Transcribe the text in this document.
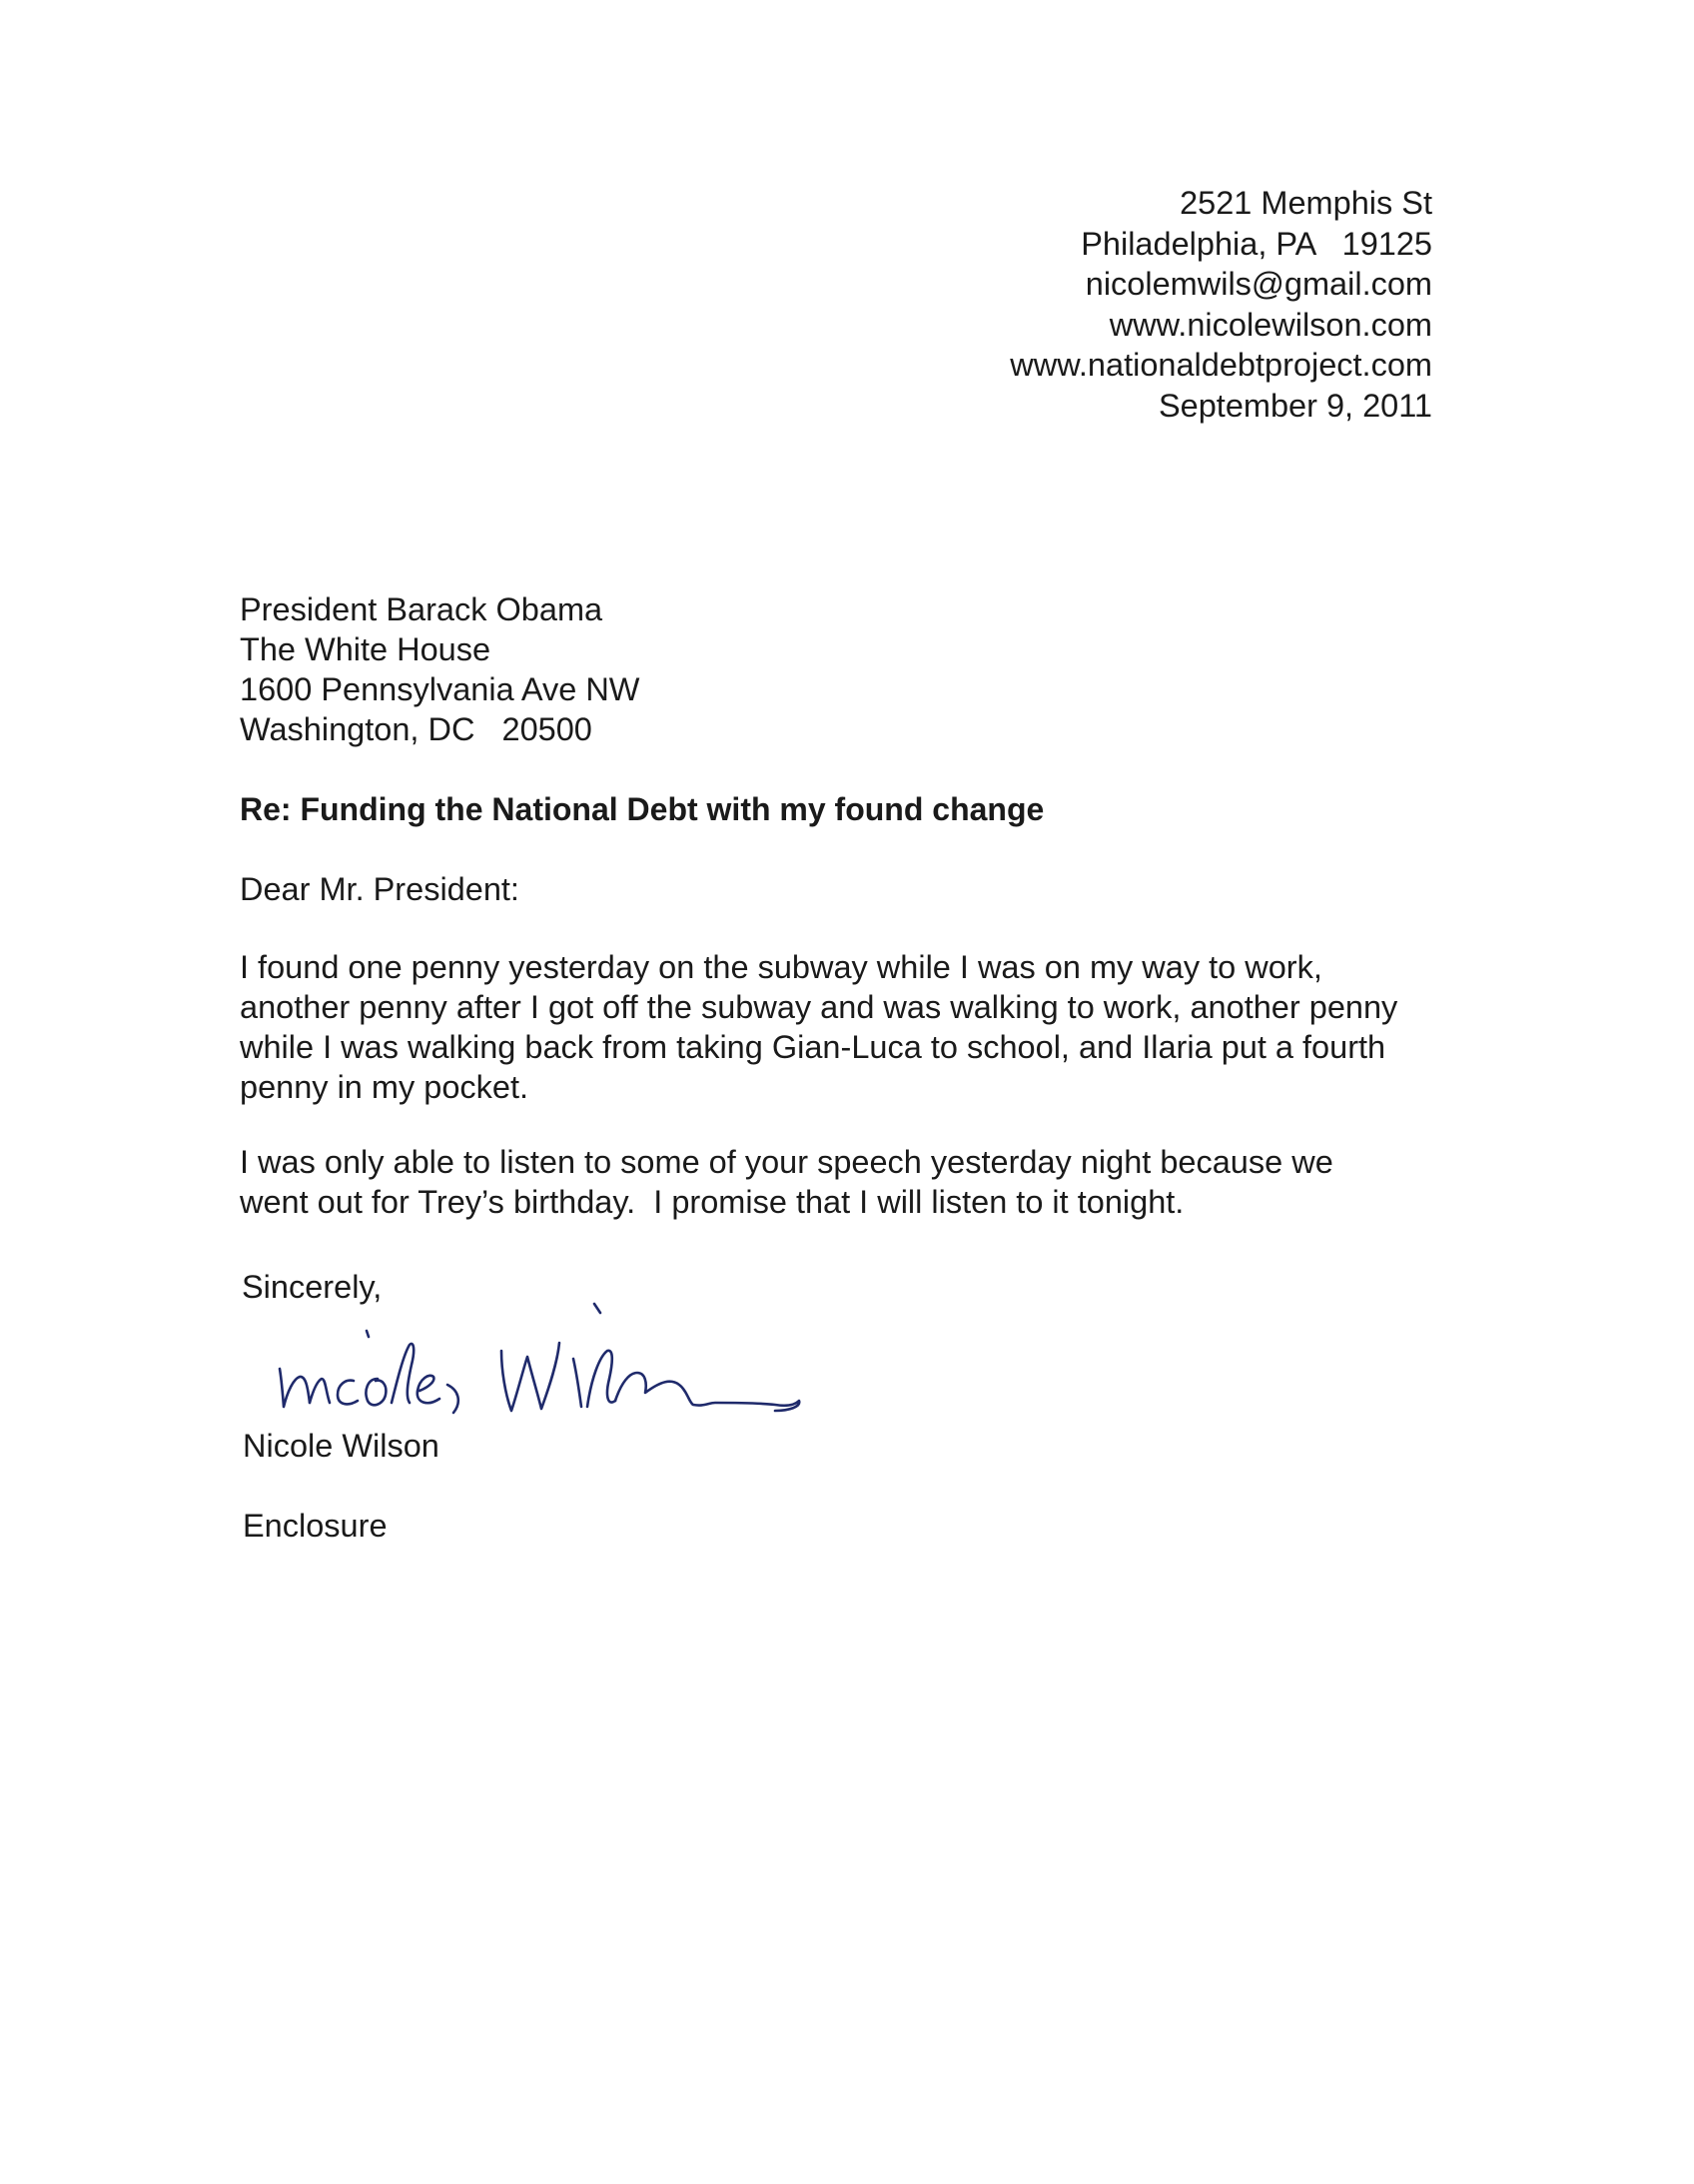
2521 Memphis St
Philadelphia, PA   19125
nicolemwils@gmail.com
www.nicolewilson.com
www.nationaldebtproject.com
September 9, 2011
President Barack Obama
The White House
1600 Pennsylvania Ave NW
Washington, DC   20500
Re: Funding the National Debt with my found change
Dear Mr. President:
I found one penny yesterday on the subway while I was on my way to work,
another penny after I got off the subway and was walking to work, another penny
while I was walking back from taking Gian-Luca to school, and Ilaria put a fourth
penny in my pocket.
I was only able to listen to some of your speech yesterday night because we
went out for Trey’s birthday.  I promise that I will listen to it tonight.
Sincerely,
Nicole Wilson
Enclosure
